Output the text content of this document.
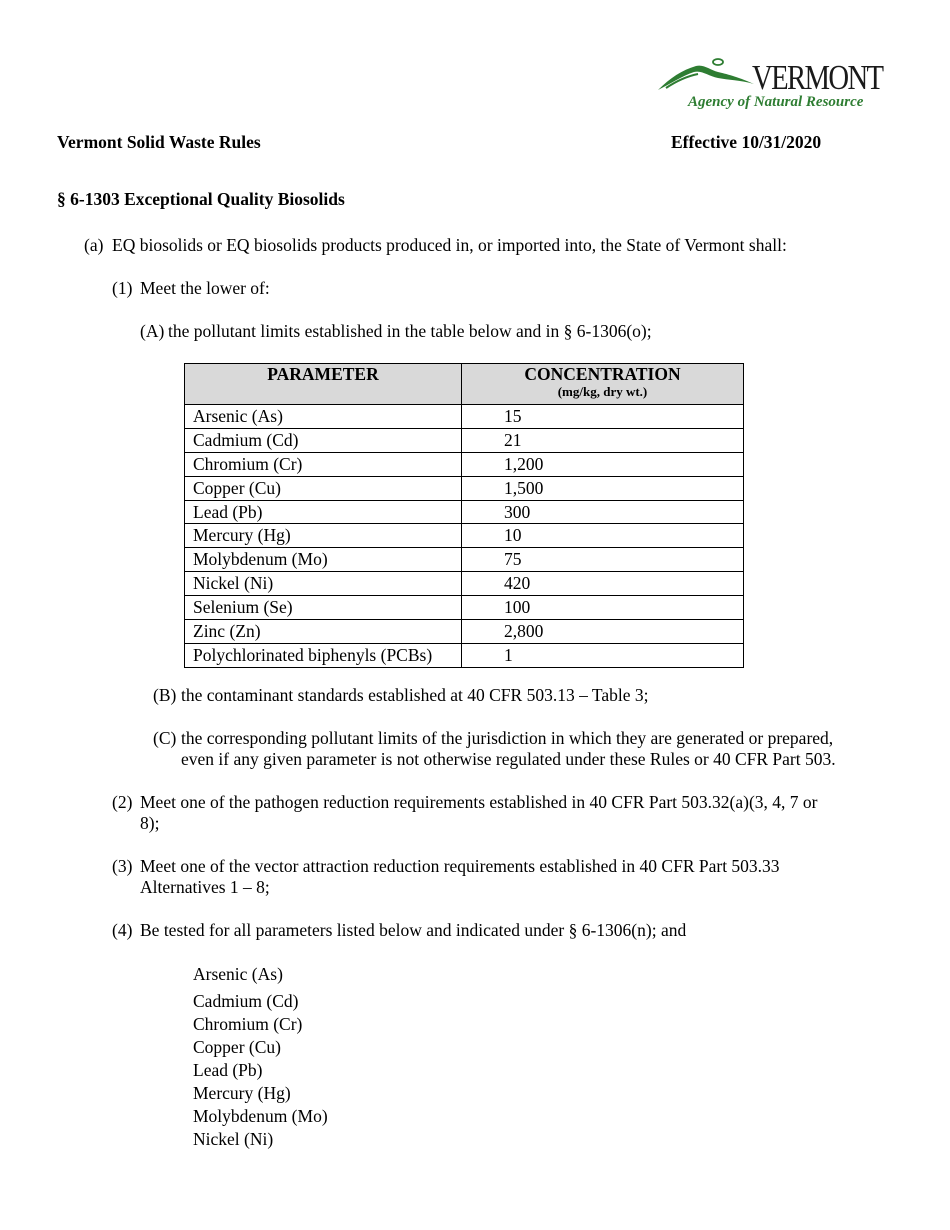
VERMONT
Agency of Natural Resource
Vermont Solid Waste Rules	Effective 10/31/2020
§ 6-1303 Exceptional Quality Biosolids
(a) EQ biosolids or EQ biosolids products produced in, or imported into, the State of Vermont shall:
(1) Meet the lower of:
(A) the pollutant limits established in the table below and in § 6-1306(o);
PARAMETER	CONCENTRATION
(mg/kg, dry wt.)

Arsenic (As)	15
Cadmium (Cd)	21
Chromium (Cr)	1,200
Copper (Cu)	1,500
Lead (Pb)	300
Mercury (Hg)	10
Molybdenum (Mo)	75
Nickel (Ni)	420
Selenium (Se)	100
Zinc (Zn)	2,800
Polychlorinated biphenyls (PCBs)	1
(B) the contaminant standards established at 40 CFR 503.13 – Table 3;
(C) the corresponding pollutant limits of the jurisdiction in which they are generated or prepared,
even if any given parameter is not otherwise regulated under these Rules or 40 CFR Part 503.
(2) Meet one of the pathogen reduction requirements established in 40 CFR Part 503.32(a)(3, 4, 7 or
8);
(3) Meet one of the vector attraction reduction requirements established in 40 CFR Part 503.33
Alternatives 1 – 8;
(4) Be tested for all parameters listed below and indicated under § 6-1306(n); and
Arsenic (As)
Cadmium (Cd)
Chromium (Cr)
Copper (Cu)
Lead (Pb)
Mercury (Hg)
Molybdenum (Mo)
Nickel (Ni)
